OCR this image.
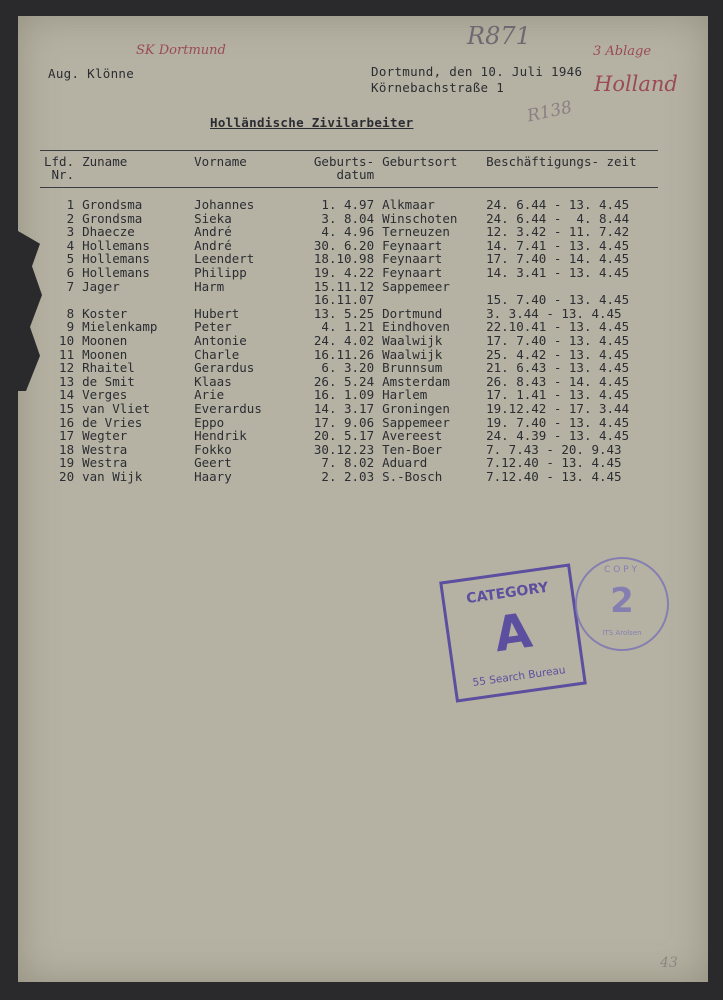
Aug. Klönne	Dortmund, den 10. Juli 1946
Körnebachstraße 1
Holländische Zivilarbeiter
R871
SK Dortmund	3 Ablage
Holland
R138
43
Lfd. Nr.	Zuname	Vorname	Geburts- datum	Geburtsort	Beschäftigungs- zeit
1	Grondsma	Johannes	1. 4.97	Alkmaar	24. 6.44 - 13. 4.45
2	Grondsma	Sieka	3. 8.04	Winschoten	24. 6.44 -  4. 8.44
3	Dhaecze	André	4. 4.96	Terneuzen	12. 3.42 - 11. 7.42
4	Hollemans	André	30. 6.20	Feynaart	14. 7.41 - 13. 4.45
5	Hollemans	Leendert	18.10.98	Feynaart	17. 7.40 - 14. 4.45
6	Hollemans	Philipp	19. 4.22	Feynaart	14. 3.41 - 13. 4.45
7	Jager	Harm	15.11.12	Sappemeer	
			16.11.07		15. 7.40 - 13. 4.45
8	Koster	Hubert	13. 5.25	Dortmund	3. 3.44 - 13. 4.45
9	Mielenkamp	Peter	4. 1.21	Eindhoven	22.10.41 - 13. 4.45
10	Moonen	Antonie	24. 4.02	Waalwijk	17. 7.40 - 13. 4.45
11	Moonen	Charle	16.11.26	Waalwijk	25. 4.42 - 13. 4.45
12	Rhaitel	Gerardus	6. 3.20	Brunnsum	21. 6.43 - 13. 4.45
13	de Smit	Klaas	26. 5.24	Amsterdam	26. 8.43 - 14. 4.45
14	Verges	Arie	16. 1.09	Harlem	17. 1.41 - 13. 4.45
15	van Vliet	Everardus	14. 3.17	Groningen	19.12.42 - 17. 3.44
16	de Vries	Eppo	17. 9.06	Sappemeer	19. 7.40 - 13. 4.45
17	Wegter	Hendrik	20. 5.17	Avereest	24. 4.39 - 13. 4.45
18	Westra	Fokko	30.12.23	Ten-Boer	7. 7.43 - 20. 9.43
19	Westra	Geert	7. 8.02	Aduard	7.12.40 - 13. 4.45
20	van Wijk	Haary	2. 2.03	S.-Bosch	7.12.40 - 13. 4.45
CATEGORY
A
55 Search Bureau
COPY
2
ITS Arolsen
